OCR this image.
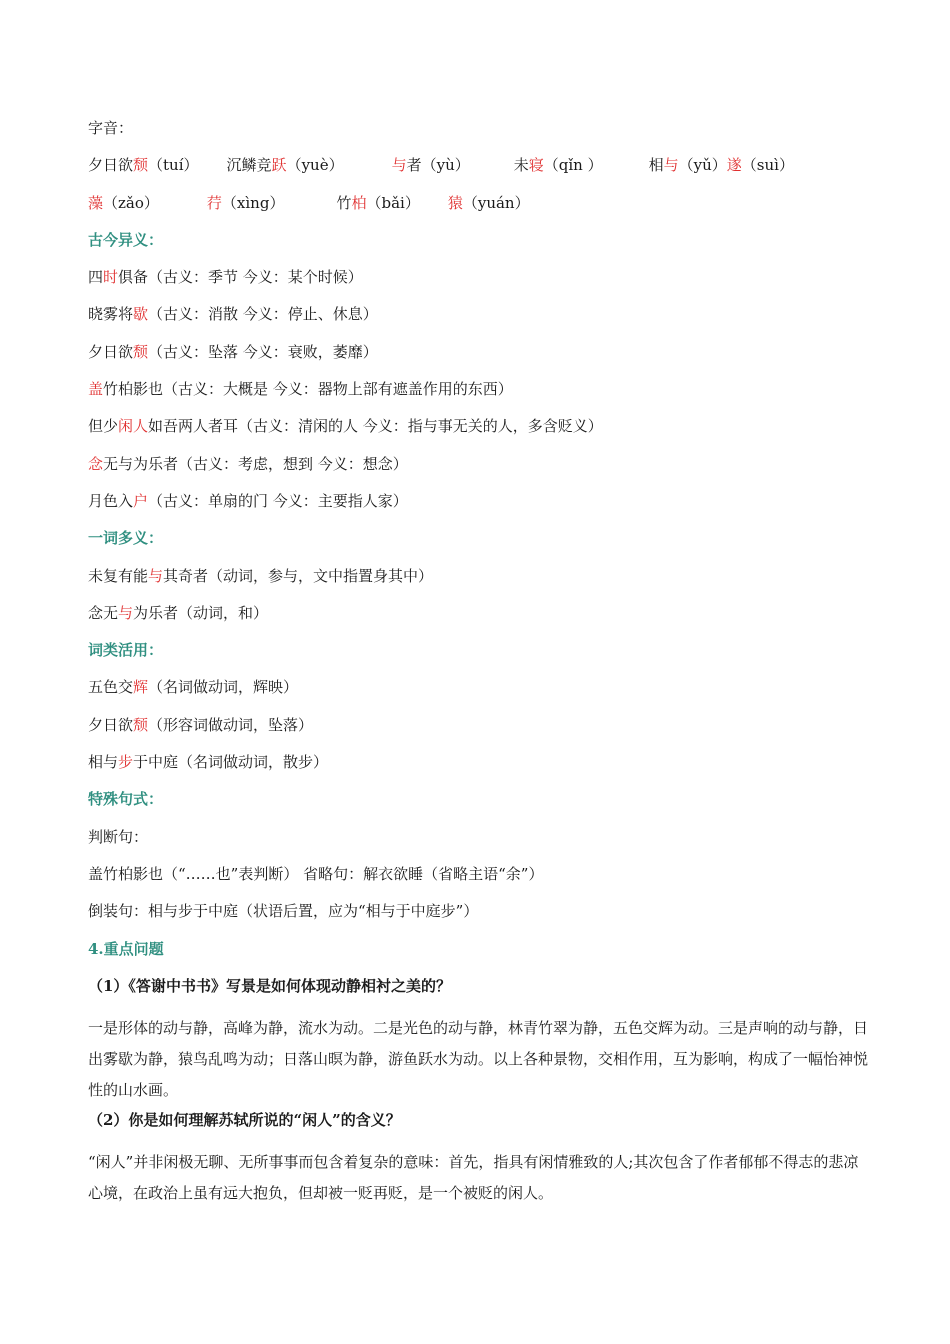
字音：
夕日欲颓（tuí） 沉鳞竞跃（yuè）	与者（yù）	未寝（qǐn ）	相与（yǔ）遂（suì）
藻（zǎo）	荇（xìng）	竹柏（bǎi） 猿（yuán）
古今异义：
四时俱备（古义：季节 今义：某个时候）
晓雾将歇（古义：消散 今义：停止、休息）
夕日欲颓（古义：坠落 今义：衰败，萎靡）
盖竹柏影也（古义：大概是 今义：器物上部有遮盖作用的东西）
但少闲人如吾两人者耳（古义：清闲的人 今义：指与事无关的人，多含贬义）
念无与为乐者（古义：考虑，想到 今义：想念）
月色入户（古义：单扇的门 今义：主要指人家）
一词多义：
未复有能与其奇者（动词，参与，文中指置身其中）
念无与为乐者（动词，和）
词类活用：
五色交辉（名词做动词，辉映）
夕日欲颓（形容词做动词，坠落）
相与步于中庭（名词做动词，散步）
特殊句式：
判断句：
盖竹柏影也（“……也”表判断） 省略句：解衣欲睡（省略主语“余”）
倒装句：相与步于中庭（状语后置，应为“相与于中庭步”）
4.重点问题
（1）《答谢中书书》写景是如何体现动静相衬之美的？
一是形体的动与静，高峰为静，流水为动。二是光色的动与静，林青竹翠为静，五色交辉为动。三是声响的动与静，日出雾歇为静，猿鸟乱鸣为动；日落山暝为静，游鱼跃水为动。以上各种景物，交相作用，互为影响，构成了一幅怡神悦性的山水画。
（2）你是如何理解苏轼所说的“闲人”的含义？
“闲人”并非闲极无聊、无所事事而包含着复杂的意味：首先，指具有闲情雅致的人;其次包含了作者郁郁不得志的悲凉心境，在政治上虽有远大抱负，但却被一贬再贬，是一个被贬的闲人。
